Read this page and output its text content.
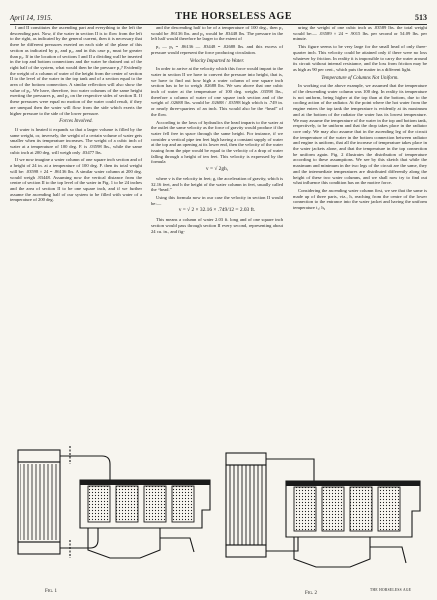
April 14, 1915.	THE HORSELESS AGE	513

I and II constitutes the ascending part and everything to the left the descending part. Now, if the water in section II is to flow from the left to the right, as indicated by the general current, then it is necessary that there be different pressures exerted on each side of the plane of this section as indicated by p₁ and p₂, and in this case p₁ must be greater than p₂. If in the location of sections I and II a dividing wall be inserted in the top and bottom connections and the water be drained out of the right half of the system, what would then be the pressure p₁? Evidently the weight of a column of water of the height from the center of section II to the level of the water in the top tank and of a section equal to the area of the bottom connection. A similar reflection will also show the value of p₂. We have, therefore, two water columns of the same height exerting the pressures p₁ and p₂ on the respective sides of section II. If these pressures were equal no motion of the water could result, if they are unequal then the water will flow from the side which exerts the higher pressure to the side of the lower pressure.

Forces Involved.

If water is heated it expands so that a larger volume is filled by the same weight, or, inversely, the weight of a certain volume of water gets smaller when its temperature increases. The weight of a cubic inch of water at a temperature of 100 deg. F. is .03598 lbs., while the same cubic inch at 200 deg. will weigh only .03477 lbs.

If we now imagine a water column of one square inch section and of a height of 24 in. at a temperature of 100 deg. F. then its total weight will be: .03598 × 24 = .86136 lbs. A similar water column at 200 deg. would weigh .83448. Assuming now the vertical distance from the centre of section II to the top level of the water in Fig. 1 to be 24 inches and the area of section II to be one square inch, and if we further assume the ascending half of our system to be filled with water of a temperature of 200 deg.

and the descending half to be of a temperature of 100 deg., then p₁ would be .86136 lbs. and p₂ would be .83448 lbs. The pressure in the left half would therefore be larger to the extent of

p₁ — p₂ = .86136 — .83448 = .02688 lbs. and this excess of pressure would represent the force producing circulation.

Velocity Imparted to Water.

In order to arrive at the velocity which this force would impart to the water in section II we have to convert the pressure into height, that is, we have to find out how high a water column of one square inch section has to be to weigh .02688 lbs. We saw above that one cubic inch of water at the temperature of 100 deg. weighs .03598 lbs., therefore a column of water of one square inch section and of the weight of .02688 lbs. would be .02688 / .03598 high which is .749 in. or nearly three-quarters of an inch. This would also be the “head” of the flow.

According to the laws of hydraulics the head imparts to the water at the outlet the same velocity as the force of gravity would produce if the water fell free in space through the same height. For instance, if we consider a vertical pipe ten feet high having a constant supply of water at the top and an opening at its lower end, then the velocity of the water issuing from the pipe would be equal to the velocity of a drop of water falling through a height of ten feet. This velocity is expressed by the formula

v = √ 2gh,

where v is the velocity in feet; g, the acceleration of gravity, which is 32.16 feet, and h the height of the water column in feet, usually called the “head.”

Using this formula now in our case the velocity in section II would be:—

v = √ 2 × 32.16 × .749/12 = 2.03 ft.

This means a column of water 2.03 ft. long and of one square inch section would pass through section II every second, representing about 24 cu. in., and fig-

uring the weight of one cubic inch as .03589 lbs. the total weight would be:— .03589 × 24 = .9015 lbs. per second or 54.09 lbs. per minute.

This figure seems to be very large for the small head of only three-quarter inch. This velocity could be attained only if there were no loss whatever by friction. In reality it is impossible to carry the water around its circuit without internal resistance, and the loss from friction may be as high as 90 per cent., which puts the matter in a different light.

Temperature of Columns Not Uniform.

In working out the above example, we assumed that the temperature of the descending water column was 100 deg. In reality its temperature is not uniform, being higher at the top than at the bottom, due to the cooling action of the radiator. At the point where the hot water from the engine enters the top tank the temperature is evidently at its maximum and at the bottom of the radiator the water has its lowest temperature. We may assume the temperature of the water in the top and bottom tank, respectively, to be uniform and that the drop takes place in the radiator core only. We may also assume that in the ascending leg of the circuit the temperature of the water in the bottom connection between radiator and engine is uniform, that all the increase of temperature takes place in the water jackets alone, and that the temperature in the top connection be uniform again. Fig. 2 illustrates the distribution of temperature according to these assumptions. We see by this sketch that while the maximum and minimum in the two legs of the circuit are the same, they and the intermediate temperatures are distributed differently along the height of these two water columns, and we shall now try to find out what influence this condition has on the motive force.

Considering the ascending water column first, we see that the same is made up of three parts, viz., h, reaching from the centre of the lower connection to the entrance into the water jacket and having the uniform temperature t₁; h₂

Fig. 1	Fig. 2
THE HORSELESS AGE
